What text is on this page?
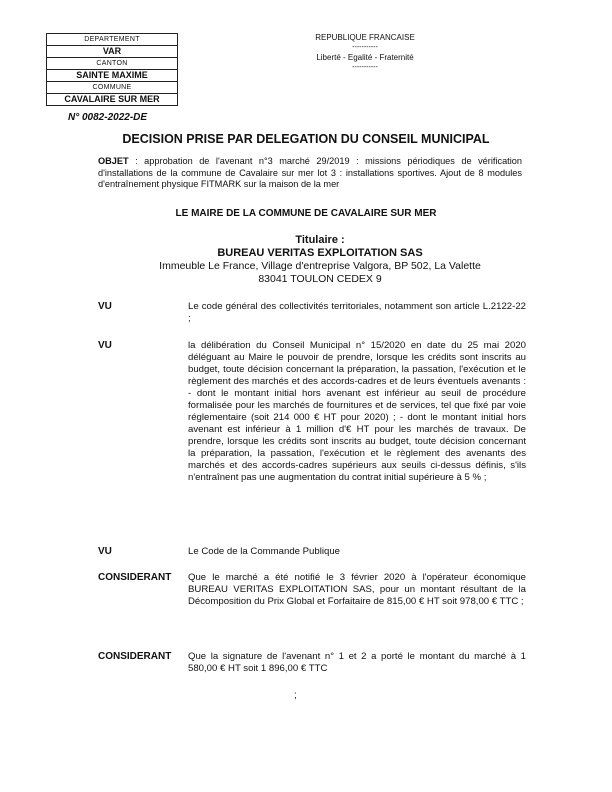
DEPARTEMENT
VAR
CANTON
SAINTE MAXIME
COMMUNE
CAVALAIRE SUR MER
REPUBLIQUE FRANCAISE
-----------
Liberté - Egalité - Fraternité
-----------
N° 0082-2022-DE
DECISION PRISE PAR DELEGATION DU CONSEIL MUNICIPAL
OBJET : approbation de l'avenant n°3 marché 29/2019 : missions périodiques de vérification d'installations de la commune de Cavalaire sur mer lot 3 : installations sportives. Ajout de 8 modules d'entraînement physique FITMARK sur la maison de la mer
LE MAIRE DE LA COMMUNE DE CAVALAIRE SUR MER
Titulaire :
BUREAU VERITAS EXPLOITATION SAS
Immeuble Le France, Village d'entreprise Valgora, BP 502, La Valette
83041 TOULON CEDEX 9
VU	Le code général des collectivités territoriales, notamment son article L.2122-22 ;
VU	la délibération du Conseil Municipal n° 15/2020 en date du 25 mai 2020 déléguant au Maire le pouvoir de prendre, lorsque les crédits sont inscrits au budget, toute décision concernant la préparation, la passation, l'exécution et le règlement des marchés et des accords-cadres et de leurs éventuels avenants : - dont le montant initial hors avenant est inférieur au seuil de procédure formalisée pour les marchés de fournitures et de services, tel que fixé par voie réglementaire (soit 214 000 € HT pour 2020) ; - dont le montant initial hors avenant est inférieur à 1 million d'€ HT pour les marchés de travaux. De prendre, lorsque les crédits sont inscrits au budget, toute décision concernant la préparation, la passation, l'exécution et le règlement des avenants des marchés et des accords-cadres supérieurs aux seuils ci-dessus définis, s'ils n'entraînent pas une augmentation du contrat initial supérieure à 5 % ;
VU	Le Code de la Commande Publique
CONSIDERANT Que le marché a été notifié le 3 février 2020 à l'opérateur économique BUREAU VERITAS EXPLOITATION SAS, pour un montant résultant de la Décomposition du Prix Global et Forfaitaire de 815,00 € HT soit 978,00 € TTC ;
CONSIDERANT Que la signature de l'avenant n° 1 et 2 a porté le montant du marché à 1 580,00 € HT soit 1 896,00 € TTC
;
